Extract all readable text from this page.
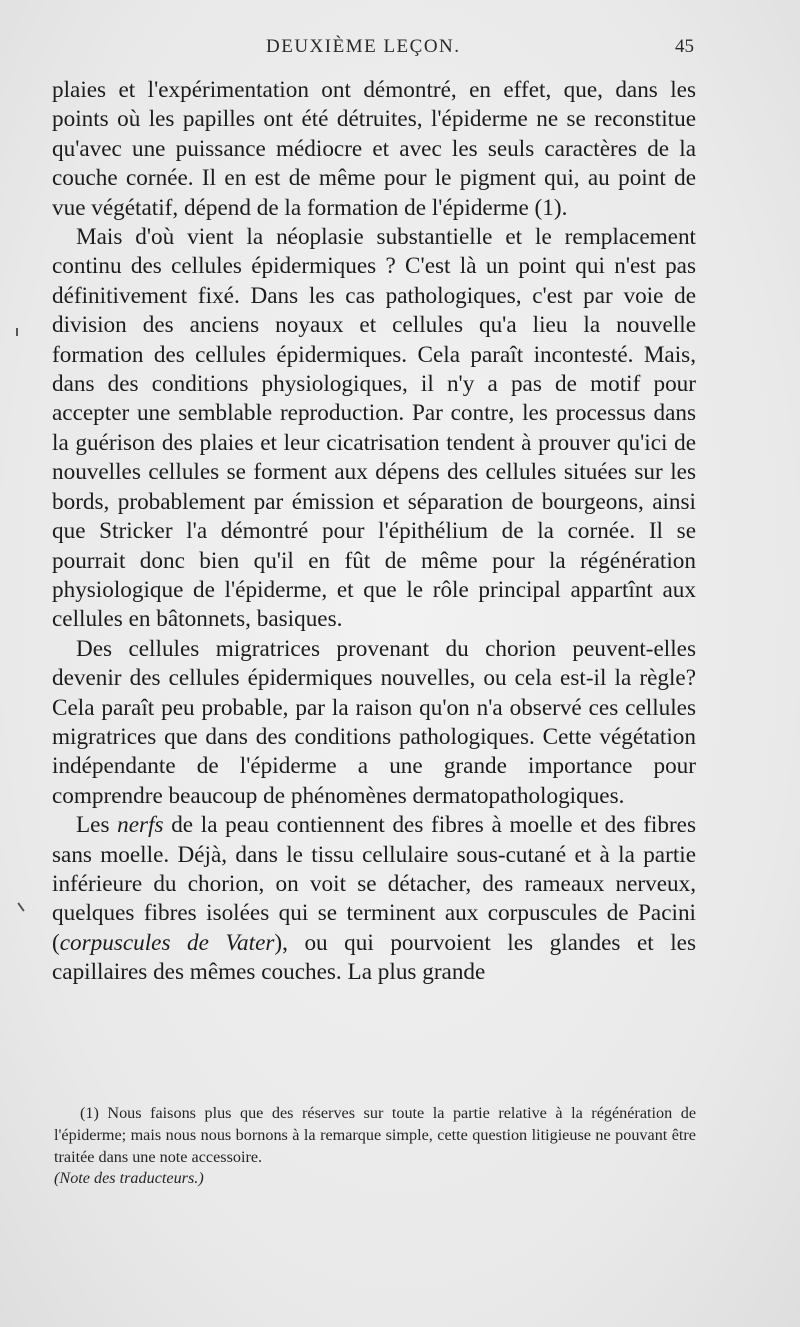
DEUXIÈME LEÇON.	45

plaies et l'expérimentation ont démontré, en effet, que, dans les points où les papilles ont été détruites, l'épiderme ne se reconstitue qu'avec une puissance médiocre et avec les seuls caractères de la couche cornée. Il en est de même pour le pigment qui, au point de vue végétatif, dépend de la formation de l'épiderme (1).

Mais d'où vient la néoplasie substantielle et le remplacement continu des cellules épidermiques ? C'est là un point qui n'est pas définitivement fixé. Dans les cas pathologiques, c'est par voie de division des anciens noyaux et cellules qu'a lieu la nouvelle formation des cellules épidermiques. Cela paraît incontesté. Mais, dans des conditions physiologiques, il n'y a pas de motif pour accepter une semblable reproduction. Par contre, les processus dans la guérison des plaies et leur cicatrisation tendent à prouver qu'ici de nouvelles cellules se forment aux dépens des cellules situées sur les bords, probablement par émission et séparation de bourgeons, ainsi que Stricker l'a démontré pour l'épithélium de la cornée. Il se pourrait donc bien qu'il en fût de même pour la régénération physiologique de l'épiderme, et que le rôle principal appartînt aux cellules en bâtonnets, basiques.

Des cellules migratrices provenant du chorion peuvent-elles devenir des cellules épidermiques nouvelles, ou cela est-il la règle? Cela paraît peu probable, par la raison qu'on n'a observé ces cellules migratrices que dans des conditions pathologiques. Cette végétation indépendante de l'épiderme a une grande importance pour comprendre beaucoup de phénomènes dermatopathologiques.

Les nerfs de la peau contiennent des fibres à moelle et des fibres sans moelle. Déjà, dans le tissu cellulaire sous-cutané et à la partie inférieure du chorion, on voit se détacher, des rameaux nerveux, quelques fibres isolées qui se terminent aux corpuscules de Pacini (corpuscules de Vater), ou qui pourvoient les glandes et les capillaires des mêmes couches. La plus grande

(1) Nous faisons plus que des réserves sur toute la partie relative à la régénération de l'épiderme; mais nous nous bornons à la remarque simple, cette question litigieuse ne pouvant être traitée dans une note accessoire.
(Note des traducteurs.)
